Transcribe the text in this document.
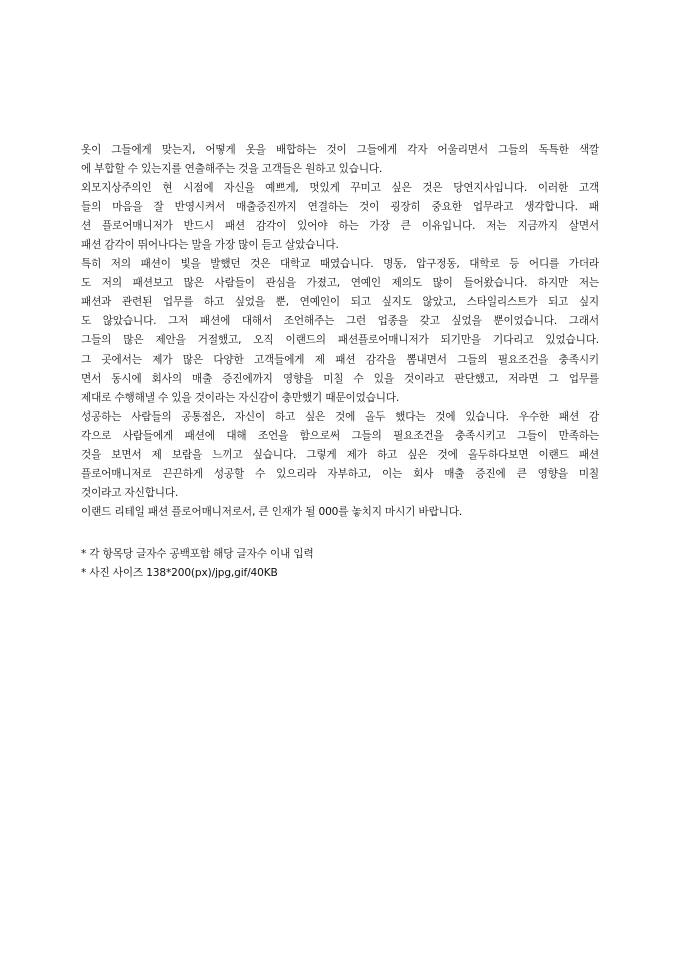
옷이 그들에게 맞는지, 어떻게 옷을 배합하는 것이 그들에게 각자 어울리면서 그들의 독특한 색깔
에 부합할 수 있는지를 연출해주는 것을 고객들은 원하고 있습니다.
외모지상주의인 현 시점에 자신을 예쁘게, 멋있게 꾸미고 싶은 것은 당연지사입니다. 이러한 고객
들의 마음을 잘 반영시켜서 매출증진까지 연결하는 것이 굉장히 중요한 업무라고 생각합니다. 패
션 플로어매니저가 반드시 패션 감각이 있어야 하는 가장 큰 이유입니다. 저는 지금까지 살면서
패션 감각이 뛰어나다는 말을 가장 많이 듣고 살았습니다.
특히 저의 패션이 빛을 발했던 것은 대학교 때였습니다. 명동, 압구정동, 대학로 등 어디를 가더라
도 저의 패션보고 많은 사람들이 관심을 가졌고, 연예인 제의도 많이 들어왔습니다. 하지만 저는
패션과 관련된 업무를 하고 싶었을 뿐, 연예인이 되고 싶지도 않았고, 스타일리스트가 되고 싶지
도 않았습니다. 그저 패션에 대해서 조언해주는 그런 업종을 갖고 싶었을 뿐이었습니다. 그래서
그들의 많은 제안을 거절했고, 오직 이랜드의 패션플로어매니저가 되기만을 기다리고 있었습니다.
그 곳에서는 제가 많은 다양한 고객들에게 제 패션 감각을 뽐내면서 그들의 필요조건을 충족시키
면서 동시에 회사의 매출 증진에까지 영향을 미칠 수 있을 것이라고 판단했고, 저라면 그 업무를
제대로 수행해낼 수 있을 것이라는 자신감이 충만했기 때문이었습니다.
성공하는 사람들의 공통점은, 자신이 하고 싶은 것에 올두 했다는 것에 있습니다. 우수한 패션 감
각으로 사람들에게 패션에 대해 조언을 함으로써 그들의 필요조건을 충족시키고 그들이 만족하는
것을 보면서 제 보람을 느끼고 싶습니다. 그렇게 제가 하고 싶은 것에 올두하다보면 이랜드 패션
플로어매니저로 끈끈하게 성공할 수 있으리라 자부하고, 이는 회사 매출 증진에 큰 영향을 미칠
것이라고 자신합니다.
이랜드 리테일 패션 플로어매니저로서, 큰 인재가 될 000를 놓치지 마시기 바랍니다.
* 각 항목당 글자수 공백포함 해당 글자수 이내 입력
* 사진 사이즈 138*200(px)/jpg,gif/40KB
